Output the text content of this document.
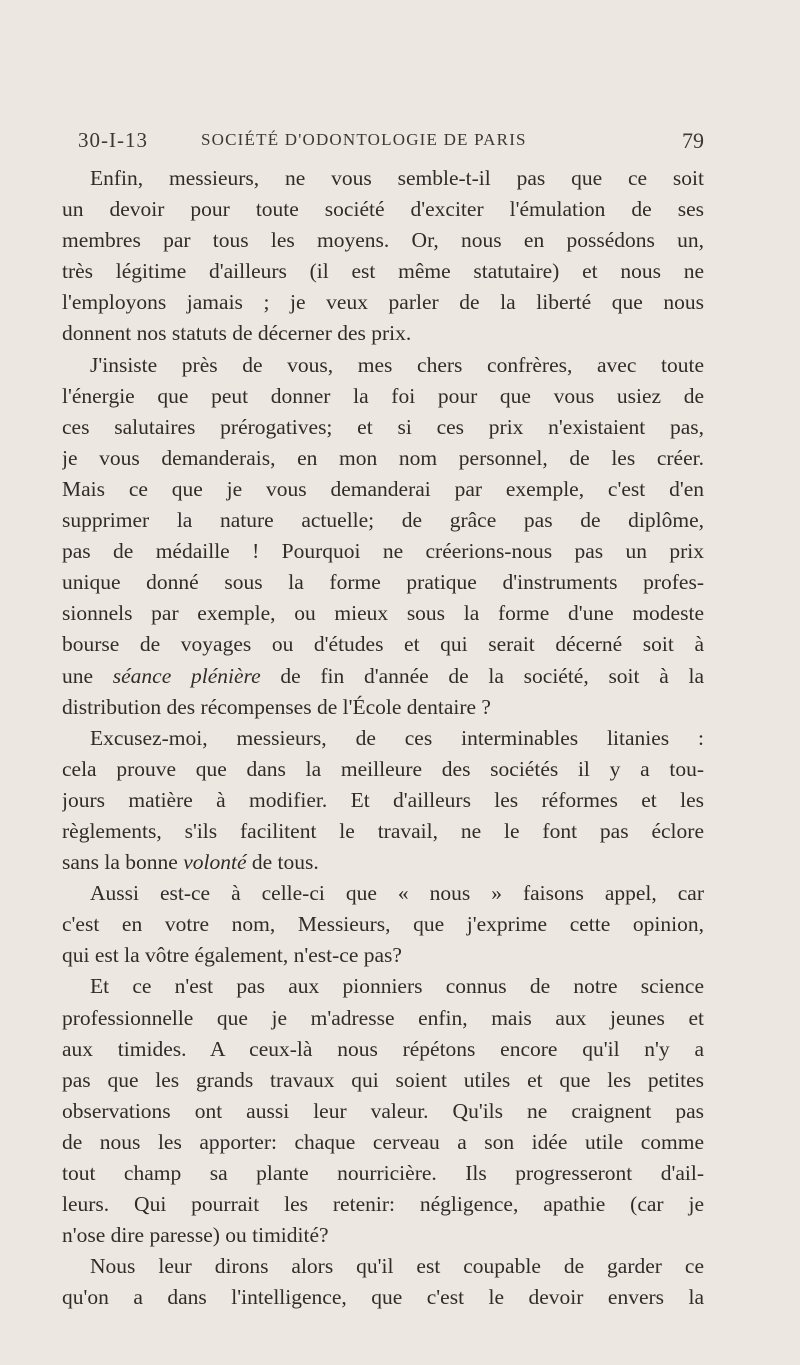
30-I-13	SOCIÉTÉ D'ODONTOLOGIE DE PARIS	79
Enfin, messieurs, ne vous semble-t-il pas que ce soit
un devoir pour toute société d'exciter l'émulation de ses
membres par tous les moyens. Or, nous en possédons un,
très légitime d'ailleurs (il est même statutaire) et nous ne
l'employons jamais ; je veux parler de la liberté que nous
donnent nos statuts de décerner des prix.
J'insiste près de vous, mes chers confrères, avec toute
l'énergie que peut donner la foi pour que vous usiez de
ces salutaires prérogatives; et si ces prix n'existaient pas,
je vous demanderais, en mon nom personnel, de les créer.
Mais ce que je vous demanderai par exemple, c'est d'en
supprimer la nature actuelle; de grâce pas de diplôme,
pas de médaille ! Pourquoi ne créerions-nous pas un prix
unique donné sous la forme pratique d'instruments profes-
sionnels par exemple, ou mieux sous la forme d'une modeste
bourse de voyages ou d'études et qui serait décerné soit à
une séance plénière de fin d'année de la société, soit à la
distribution des récompenses de l'École dentaire ?
Excusez-moi, messieurs, de ces interminables litanies :
cela prouve que dans la meilleure des sociétés il y a tou-
jours matière à modifier. Et d'ailleurs les réformes et les
règlements, s'ils facilitent le travail, ne le font pas éclore
sans la bonne volonté de tous.
Aussi est-ce à celle-ci que « nous » faisons appel, car
c'est en votre nom, Messieurs, que j'exprime cette opinion,
qui est la vôtre également, n'est-ce pas?
Et ce n'est pas aux pionniers connus de notre science
professionnelle que je m'adresse enfin, mais aux jeunes et
aux timides. A ceux-là nous répétons encore qu'il n'y a
pas que les grands travaux qui soient utiles et que les petites
observations ont aussi leur valeur. Qu'ils ne craignent pas
de nous les apporter: chaque cerveau a son idée utile comme
tout champ sa plante nourricière. Ils progresseront d'ail-
leurs. Qui pourrait les retenir: négligence, apathie (car je
n'ose dire paresse) ou timidité?
Nous leur dirons alors qu'il est coupable de garder ce
qu'on a dans l'intelligence, que c'est le devoir envers la
